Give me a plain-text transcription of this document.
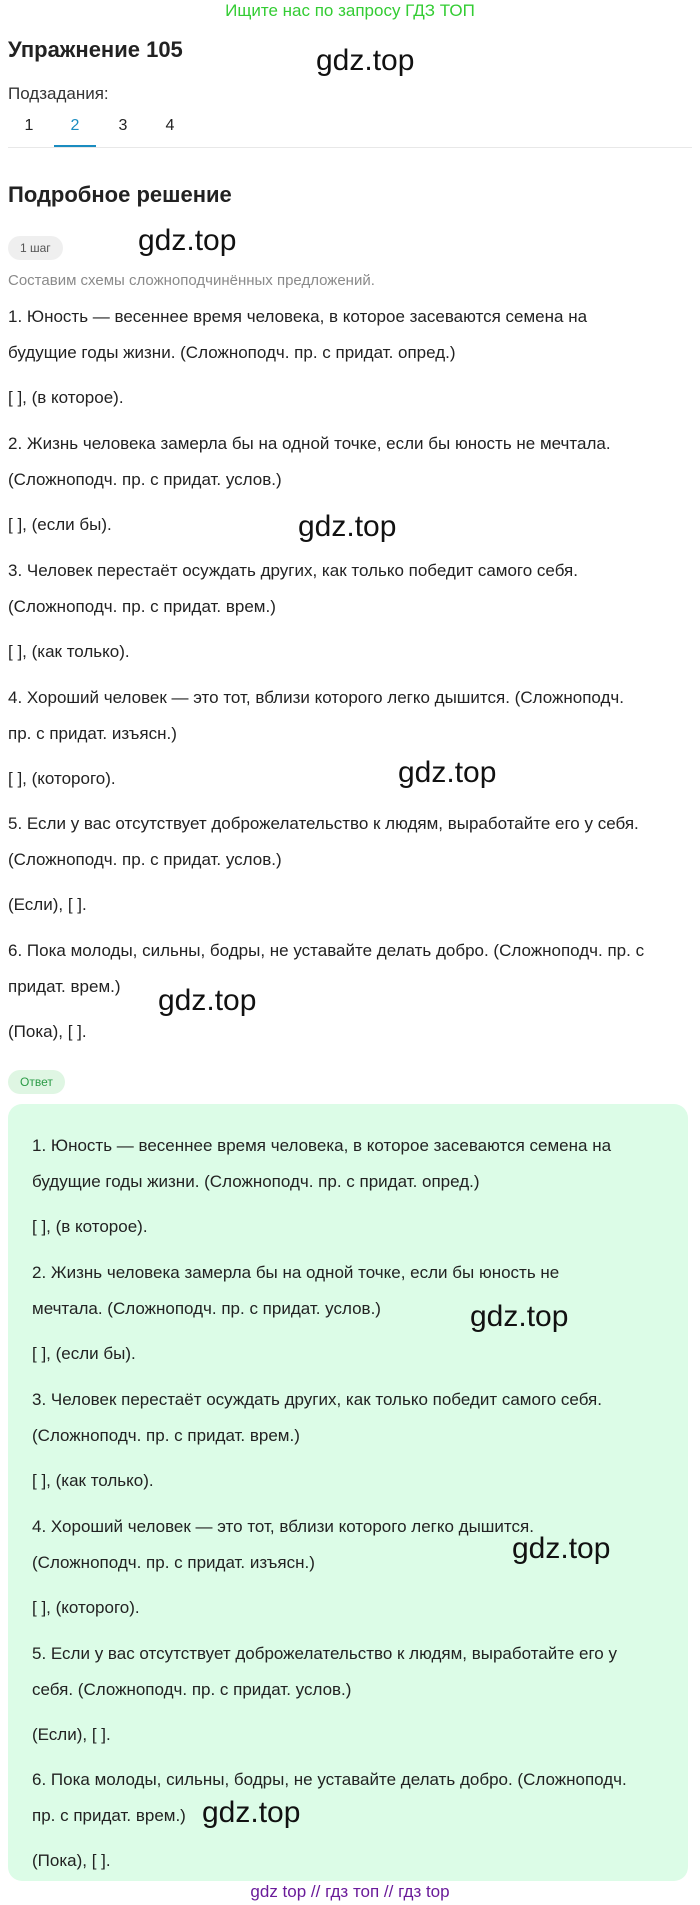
Ищите нас по запросу ГДЗ ТОП
Упражнение 105
Подзадания:
1	2	3	4
Подробное решение
1 шаг
Составим схемы сложноподчинённых предложений.
1. Юность — весеннее время человека, в которое засеваются семена на
будущие годы жизни. (Сложноподч. пр. с придат. опред.)
[ ], (в которое).
2. Жизнь человека замерла бы на одной точке, если бы юность не мечтала.
(Сложноподч. пр. с придат. услов.)
[ ], (если бы).
3. Человек перестаёт осуждать других, как только победит самого себя.
(Сложноподч. пр. с придат. врем.)
[ ], (как только).
4. Хороший человек — это тот, вблизи которого легко дышится. (Сложноподч.
пр. с придат. изъясн.)
[ ], (которого).
5. Если у вас отсутствует доброжелательство к людям, выработайте его у себя.
(Сложноподч. пр. с придат. услов.)
(Если), [ ].
6. Пока молоды, сильны, бодры, не уставайте делать добро. (Сложноподч. пр. с
придат. врем.)
(Пока), [ ].
Ответ
1. Юность — весеннее время человека, в которое засеваются семена на
будущие годы жизни. (Сложноподч. пр. с придат. опред.)
[ ], (в которое).
2. Жизнь человека замерла бы на одной точке, если бы юность не
мечтала. (Сложноподч. пр. с придат. услов.)
[ ], (если бы).
3. Человек перестаёт осуждать других, как только победит самого себя.
(Сложноподч. пр. с придат. врем.)
[ ], (как только).
4. Хороший человек — это тот, вблизи которого легко дышится.
(Сложноподч. пр. с придат. изъясн.)
[ ], (которого).
5. Если у вас отсутствует доброжелательство к людям, выработайте его у
себя. (Сложноподч. пр. с придат. услов.)
(Если), [ ].
6. Пока молоды, сильны, бодры, не уставайте делать добро. (Сложноподч.
пр. с придат. врем.)
(Пока), [ ].
gdz.top
gdz.top
gdz.top
gdz.top
gdz.top
gdz.top
gdz.top
gdz.top
gdz top // гдз топ // гдз top
